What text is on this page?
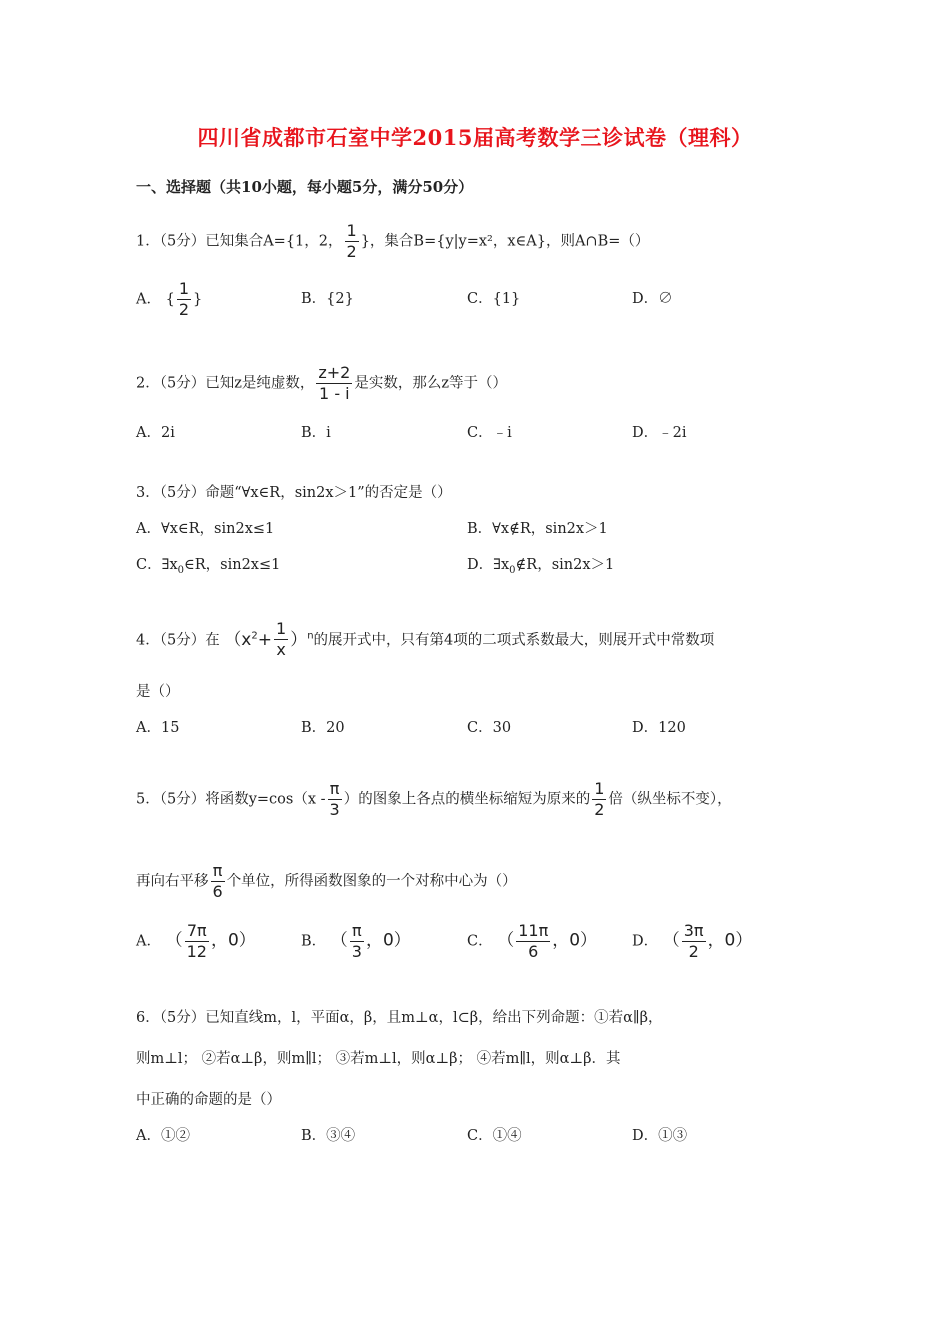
四川省成都市石室中学2015届高考数学三诊试卷（理科）
一、选择题（共10小题，每小题5分，满分50分）
1．（5分）已知集合A={1，2， $\frac{1}{2}$ }，集合B={y|y=x²，x∈A}，则A∩B=（）
A． { $\frac{1}{2}$ }	B．{2}	C．{1}	D．∅
2．（5分）已知z是纯虚数， $\frac{z+2}{1 - i}$ 是实数，那么z等于（）
A．2i	B．i	C．﹣i	D．﹣2i
3．（5分）命题“∀x∈R，sin2x＞1”的否定是（）
A．∀x∈R，sin2x≤1	B．∀x∉R，sin2x＞1
C．$\exists x_0\in R$，sin2x≤1	D．$\exists x_0\notin R$，sin2x＞1
4．（5分）在 $(x^2+ \frac{1}{x} )^n$的展开式中，只有第4项的二项式系数最大，则展开式中常数项
是（）
A．15	B．20	C．30	D．120
5．（5分）将函数$y=\cos(x - \frac{\pi}{3}$ ）的图象上各点的横坐标缩短为原来的 $\frac{1}{2}$ 倍（纵坐标不变），
再向右平移 $\frac{\pi}{6}$ 个单位，所得函数图象的一个对称中心为（）
A． （ $\frac{7\pi}{12}$ ，0）	B． （ $\frac{\pi}{3}$ ，0）	C． （ $\frac{11\pi}{6}$ ，0） D． （ $\frac{3\pi}{2}$ ，0）
6．（5分）已知直线m，l，平面α，β，且m⊥α，l⊂β，给出下列命题：①若α∥β，
则m⊥l； ②若α⊥β，则m∥l； ③若m⊥l，则α⊥β； ④若m∥l，则α⊥β．其
中正确的命题的是（）
A．①②	B．③④	C．①④	D．①③
